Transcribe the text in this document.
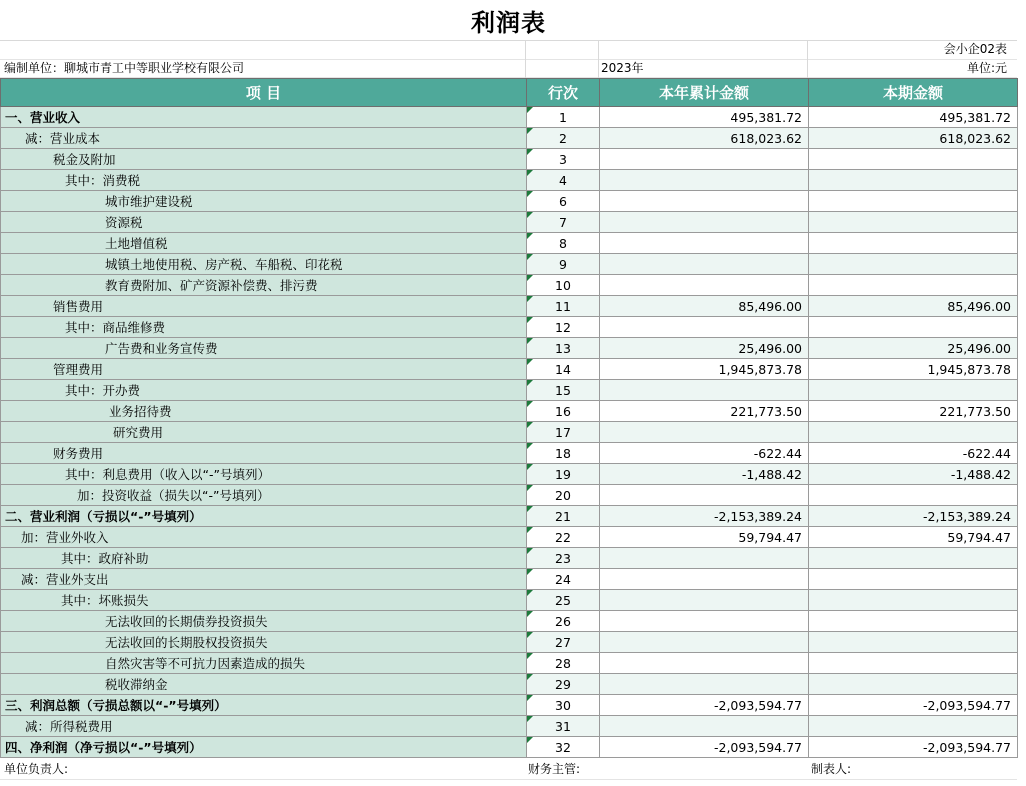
利润表
会小企02表
编制单位：聊城市青工中等职业学校有限公司	2023年	单位:元
项 目	行次	本年累计金额	本期金额
一、营业收入	1	495,381.72	495,381.72
减：营业成本	2	618,023.62	618,023.62
税金及附加	3		
其中：消费税	4		
城市维护建设税	6		
资源税	7		
土地增值税	8		
城镇土地使用税、房产税、车船税、印花税	9		
教育费附加、矿产资源补偿费、排污费	10		
销售费用	11	85,496.00	85,496.00
其中：商品维修费	12		
广告费和业务宣传费	13	25,496.00	25,496.00
管理费用	14	1,945,873.78	1,945,873.78
其中：开办费	15		
业务招待费	16	221,773.50	221,773.50
研究费用	17		
财务费用	18	-622.44	-622.44
其中：利息费用（收入以“-”号填列）	19	-1,488.42	-1,488.42
加：投资收益（损失以“-”号填列）	20		
二、营业利润（亏损以“-”号填列）	21	-2,153,389.24	-2,153,389.24
加：营业外收入	22	59,794.47	59,794.47
其中：政府补助	23		
减：营业外支出	24		
其中：坏账损失	25		
无法收回的长期债券投资损失	26		
无法收回的长期股权投资损失	27		
自然灾害等不可抗力因素造成的损失	28		
税收滞纳金	29		
三、利润总额（亏损总额以“-”号填列）	30	-2,093,594.77	-2,093,594.77
减：所得税费用	31		
四、净利润（净亏损以“-”号填列）	32	-2,093,594.77	-2,093,594.77
单位负责人:	财务主管:	制表人:
